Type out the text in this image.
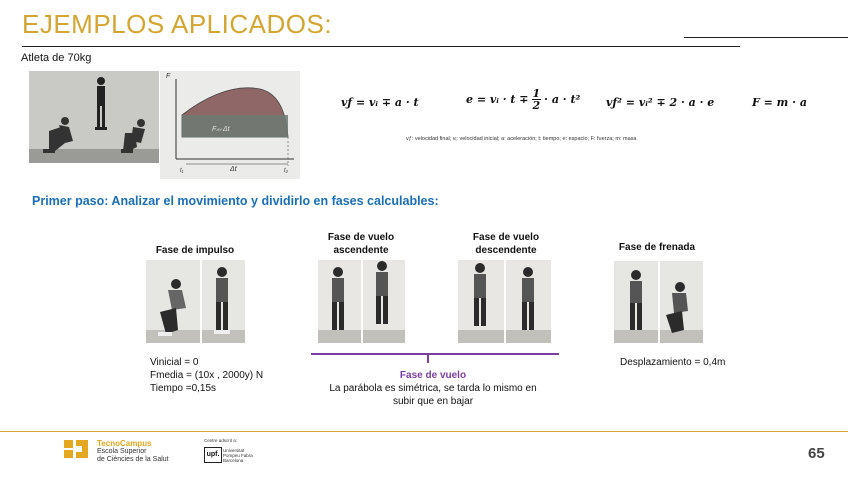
EJEMPLOS APLICADOS:
Atleta de 70kg
F
Fₘ·Δt
Δt
t₁	t₂
vƒ = vᵢ ∓ a · t	e = vᵢ · $t \mp \frac{1}{2} \cdot a \cdot t^2$ vƒ² = vᵢ² ∓ 2 · a · e	F = m · a
vƒ: velocidad final; vᵢ: velocidad inicial; a: aceleración; t: tiempo; e: espacio; F: fuerza; m: masa
Primer paso: Analizar el movimiento y dividirlo en fases calculables:
Fase de impulso
Fase de vuelo ascendente
Fase de vuelo descendente	Fase de frenada
Vinicial = 0
Fmedia = (10x , 2000y) N
Tiempo =0,15s
Fase de vuelo
La parábola es simétrica, se tarda lo mismo en
subir que en bajar
Desplazamiento = 0,4m
TecnoCampus
Escola Superior
de Ciències de la Salut
Centre adscrit a:
upf.
Universitat
Pompeu Fabra
Barcelona	65
